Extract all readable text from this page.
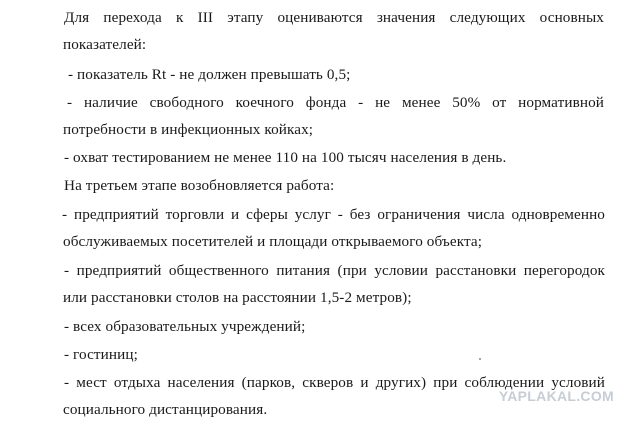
Для перехода к III этапу оцениваются значения следующих основных
показателей:
- показатель Rt - не должен превышать 0,5;
- наличие свободного коечного фонда - не менее 50% от нормативной
потребности в инфекционных койках;
- охват тестированием не менее 110 на 100 тысяч населения в день.
На третьем этапе возобновляется работа:
- предприятий торговли и сферы услуг - без ограничения числа одновременно
обслуживаемых посетителей и площади открываемого объекта;
- предприятий общественного питания (при условии расстановки перегородок
или расстановки столов на расстоянии 1,5-2 метров);
- всех образовательных учреждений;
- гостиниц;
- мест отдыха населения (парков, скверов и других) при соблюдении условий
социального дистанцирования.
YAPLAKAL.COM
